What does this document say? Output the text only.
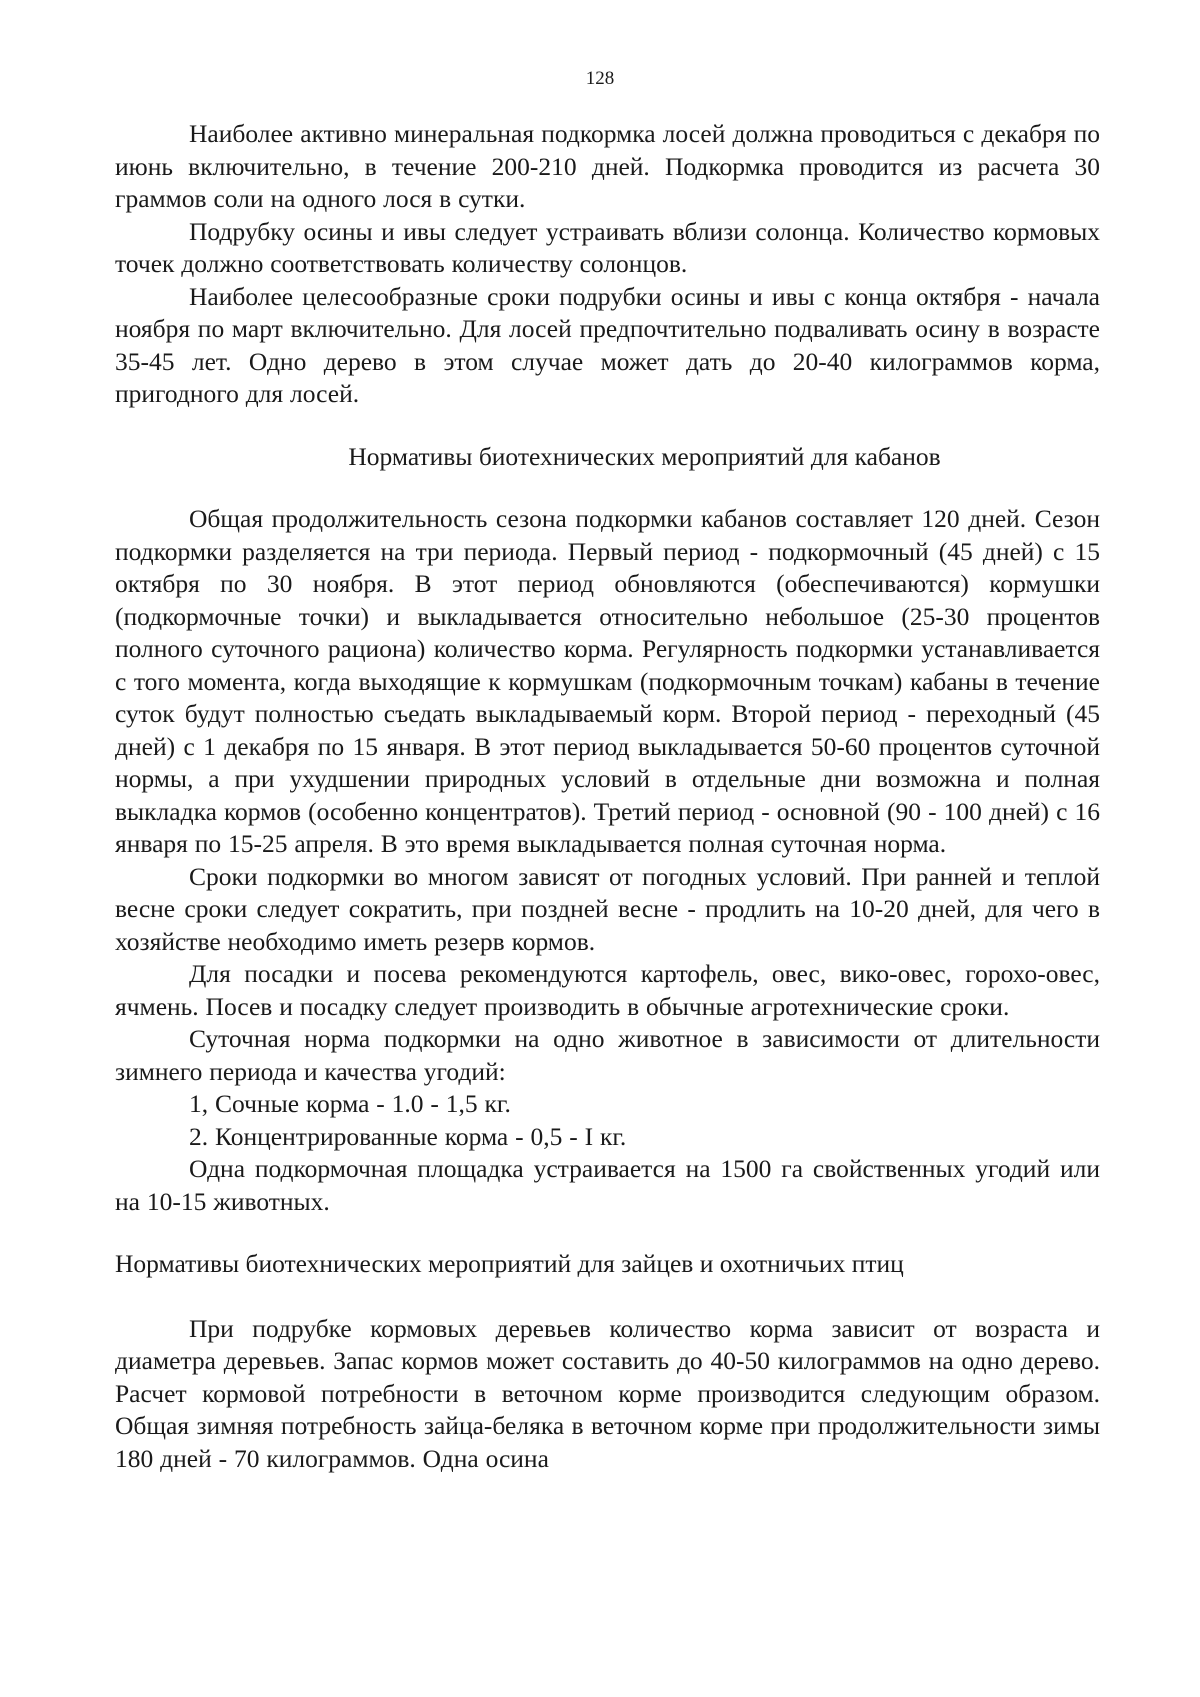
128

Наиболее активно минеральная подкормка лосей должна проводиться с декабря по июнь включительно, в течение 200-210 дней. Подкормка проводится из расчета 30 граммов соли на одного лося в сутки.

Подрубку осины и ивы следует устраивать вблизи солонца. Количество кормовых точек должно соответствовать количеству солонцов.

Наиболее целесообразные сроки подрубки осины и ивы с конца октября - начала ноября по март включительно. Для лосей предпочтительно подваливать осину в возрасте 35-45 лет. Одно дерево в этом случае может дать до 20-40 килограммов корма, пригодного для лосей.

Нормативы биотехнических мероприятий для кабанов

Общая продолжительность сезона подкормки кабанов составляет 120 дней. Сезон подкормки разделяется на три периода. Первый период - подкормочный (45 дней) с 15 октября по 30 ноября. В этот период обновляются (обеспечиваются) кормушки (подкормочные точки) и выкладывается относительно небольшое (25-30 процентов полного суточного рациона) количество корма. Регулярность подкормки устанавливается с того момента, когда выходящие к кормушкам (подкормочным точкам) кабаны в течение суток будут полностью съедать выкладываемый корм. Второй период - переходный (45 дней) с 1 декабря по 15 января. В этот период выкладывается 50-60 процентов суточной нормы, а при ухудшении природных условий в отдельные дни возможна и полная выкладка кормов (особенно концентратов). Третий период - основной (90 - 100 дней) с 16 января по 15-25 апреля. В это время выкладывается полная суточная норма.

Сроки подкормки во многом зависят от погодных условий. При ранней и теплой весне сроки следует сократить, при поздней весне - продлить на 10-20 дней, для чего в хозяйстве необходимо иметь резерв кормов.

Для посадки и посева рекомендуются картофель, овес, вико-овес, горохо-овес, ячмень. Посев и посадку следует производить в обычные агротехнические сроки.

Суточная норма подкормки на одно животное в зависимости от длительности зимнего периода и качества угодий:

1, Сочные корма - 1.0 - 1,5 кг.

2. Концентрированные корма - 0,5 - I кг.

Одна подкормочная площадка устраивается на 1500 га свойственных угодий или на 10-15 животных.

Нормативы биотехнических мероприятий для зайцев и охотничьих птиц

При подрубке кормовых деревьев количество корма зависит от возраста и диаметра деревьев. Запас кормов может составить до 40-50 килограммов на одно дерево. Расчет кормовой потребности в веточном корме производится следующим образом. Общая зимняя потребность зайца-беляка в веточном корме при продолжительности зимы 180 дней - 70 килограммов. Одна осина
